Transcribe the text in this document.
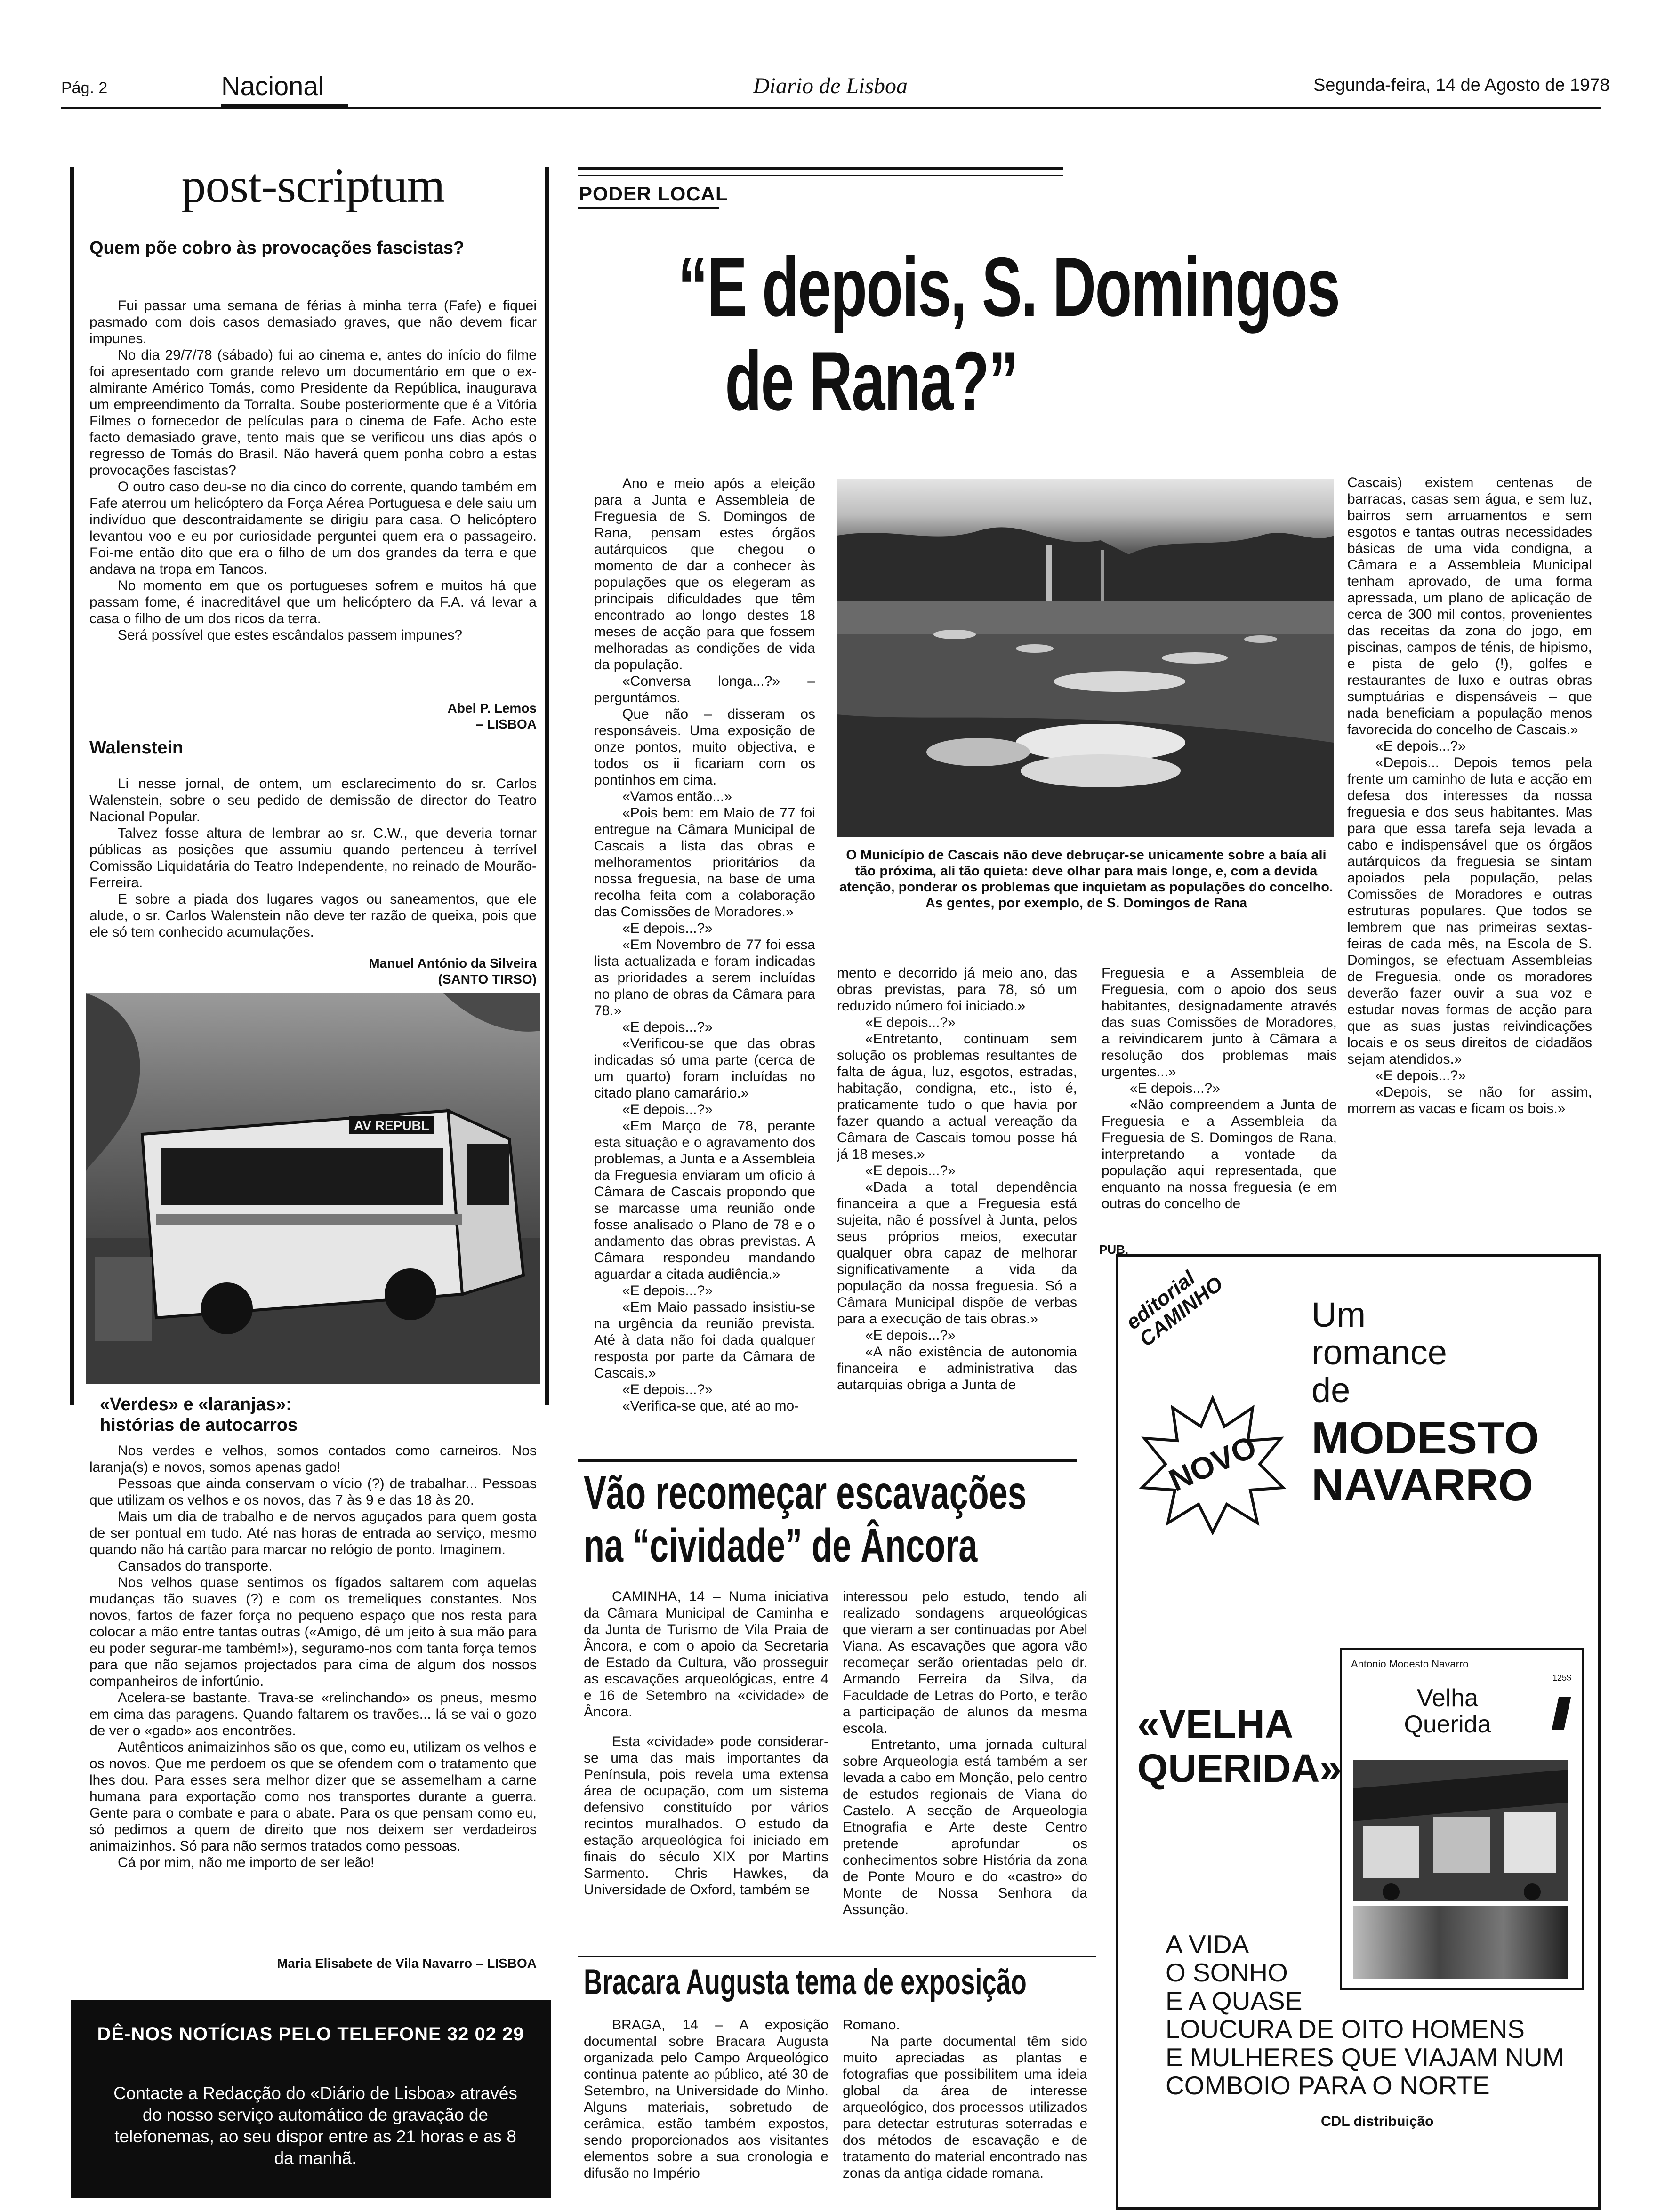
Pág. 2	Nacional	Diario de Lisboa	Segunda-feira, 14 de Agosto de 1978
post-scriptum
Quem põe cobro às provocações fascistas?

Fui passar uma semana de férias à minha terra (Fafe) e fiquei pasmado com dois casos demasiado graves, que não devem ficar impunes.

No dia 29/7/78 (sábado) fui ao cinema e, antes do início do filme foi apresentado com grande relevo um documentário em que o ex-almirante Américo Tomás, como Presidente da República, inaugurava um empreendimento da Torralta. Soube posteriormente que é a Vitória Filmes o fornecedor de películas para o cinema de Fafe. Acho este facto demasiado grave, tento mais que se verificou uns dias após o regresso de Tomás do Brasil. Não haverá quem ponha cobro a estas provocações fascistas?

O outro caso deu-se no dia cinco do corrente, quando também em Fafe aterrou um helicóptero da Força Aérea Portuguesa e dele saiu um indivíduo que descontraidamente se dirigiu para casa. O helicóptero levantou voo e eu por curiosidade perguntei quem era o passageiro. Foi-me então dito que era o filho de um dos grandes da terra e que andava na tropa em Tancos.

No momento em que os portugueses sofrem e muitos há que passam fome, é inacreditável que um helicóptero da F.A. vá levar a casa o filho de um dos ricos da terra.

Será possível que estes escândalos passem impunes?

Abel P. Lemos
– LISBOA
Walenstein

Li nesse jornal, de ontem, um esclarecimento do sr. Carlos Walenstein, sobre o seu pedido de demissão de director do Teatro Nacional Popular.

Talvez fosse altura de lembrar ao sr. C.W., que deveria tornar públicas as posições que assumiu quando pertenceu à terrível Comissão Liquidatária do Teatro Independente, no reinado de Mourão-Ferreira.

E sobre a piada dos lugares vagos ou saneamentos, que ele alude, o sr. Carlos Walenstein não deve ter razão de queixa, pois que ele só tem conhecido acumulações.

Manuel António da Silveira
(SANTO TIRSO)
AV REPUBL
«Verdes» e «laranjas»:
histórias de autocarros

Nos verdes e velhos, somos contados como carneiros. Nos laranja(s) e novos, somos apenas gado!

Pessoas que ainda conservam o vício (?) de trabalhar... Pessoas que utilizam os velhos e os novos, das 7 às 9 e das 18 às 20.

Mais um dia de trabalho e de nervos aguçados para quem gosta de ser pontual em tudo. Até nas horas de entrada ao serviço, mesmo quando não há cartão para marcar no relógio de ponto. Imaginem.

Cansados do transporte.

Nos velhos quase sentimos os fígados saltarem com aquelas mudanças tão suaves (?) e com os tremeliques constantes. Nos novos, fartos de fazer força no pequeno espaço que nos resta para colocar a mão entre tantas outras («Amigo, dê um jeito à sua mão para eu poder segurar-me também!»), seguramo-nos com tanta força temos para que não sejamos projectados para cima de algum dos nossos companheiros de infortúnio.

Acelera-se bastante. Trava-se «relinchando» os pneus, mesmo em cima das paragens. Quando faltarem os travões... lá se vai o gozo de ver o «gado» aos encontrões.

Autênticos animaizinhos são os que, como eu, utilizam os velhos e os novos. Que me perdoem os que se ofendem com o tratamento que lhes dou. Para esses sera melhor dizer que se assemelham a carne humana para exportação como nos transportes durante a guerra. Gente para o combate e para o abate. Para os que pensam como eu, só pedimos a quem de direito que nos deixem ser verdadeiros animaizinhos. Só para não sermos tratados como pessoas.

Cá por mim, não me importo de ser leão!

Maria Elisabete de Vila Navarro – LISBOA
DÊ-NOS NOTÍCIAS PELO TELEFONE 32 02 29
Contacte a Redacção do «Diário de Lisboa» através do nosso serviço automático de gravação de telefonemas, ao seu dispor entre as 21 horas e as 8 da manhã.
PODER LOCAL
“E depois, S. Domingos
de Rana?”

Ano e meio após a eleição para a Junta e Assembleia de Freguesia de S. Domingos de Rana, pensam estes órgãos autárquicos que chegou o momento de dar a conhecer às populações que os elegeram as principais dificuldades que têm encontrado ao longo destes 18 meses de acção para que fossem melhoradas as condições de vida da população.

«Conversa longa...?» – perguntámos.

Que não – disseram os responsáveis. Uma exposição de onze pontos, muito objectiva, e todos os ii ficariam com os pontinhos em cima.

«Vamos então...»

«Pois bem: em Maio de 77 foi entregue na Câmara Municipal de Cascais a lista das obras e melhoramentos prioritários da nossa freguesia, na base de uma recolha feita com a colaboração das Comissões de Moradores.»

«E depois...?»

«Em Novembro de 77 foi essa lista actualizada e foram indicadas as prioridades a serem incluídas no plano de obras da Câmara para 78.»

«E depois...?»

«Verificou-se que das obras indicadas só uma parte (cerca de um quarto) foram incluídas no citado plano camarário.»

«E depois...?»

«Em Março de 78, perante esta situação e o agravamento dos problemas, a Junta e a Assembleia da Freguesia enviaram um ofício à Câmara de Cascais propondo que se marcasse uma reunião onde fosse analisado o Plano de 78 e o andamento das obras previstas. A Câmara respondeu mandando aguardar a citada audiência.»

«E depois...?»

«Em Maio passado insistiu-se na urgência da reunião prevista. Até à data não foi dada qualquer resposta por parte da Câmara de Cascais.»

«E depois...?»

«Verifica-se que, até ao mo-

O Município de Cascais não deve debruçar-se unicamente sobre a baía ali tão próxima, ali tão quieta: deve olhar para mais longe, e, com a devida atenção, ponderar os problemas que inquietam as populações do concelho. As gentes, por exemplo, de S. Domingos de Rana

mento e decorrido já meio ano, das obras previstas, para 78, só um reduzido número foi iniciado.»

«E depois...?»

«Entretanto, continuam sem solução os problemas resultantes de falta de água, luz, esgotos, estradas, habitação, condigna, etc., isto é, praticamente tudo o que havia por fazer quando a actual vereação da Câmara de Cascais tomou posse há já 18 meses.»

«E depois...?»

«Dada a total dependência financeira a que a Freguesia está sujeita, não é possível à Junta, pelos seus próprios meios, executar qualquer obra capaz de melhorar significativamente a vida da população da nossa freguesia. Só a Câmara Municipal dispõe de verbas para a execução de tais obras.»

«E depois...?»

«A não existência de autonomia financeira e administrativa das autarquias obriga a Junta de

Freguesia e a Assembleia de Freguesia, com o apoio dos seus habitantes, designadamente através das suas Comissões de Moradores, a reivindicarem junto à Câmara a resolução dos problemas mais urgentes...»

«E depois...?»

«Não compreendem a Junta de Freguesia e a Assembleia da Freguesia de S. Domingos de Rana, interpretando a vontade da população aqui representada, que enquanto na nossa freguesia (e em outras do concelho de

Cascais) existem centenas de barracas, casas sem água, e sem luz, bairros sem arruamentos e sem esgotos e tantas outras necessidades básicas de uma vida condigna, a Câmara e a Assembleia Municipal tenham aprovado, de uma forma apressada, um plano de aplicação de cerca de 300 mil contos, provenientes das receitas da zona do jogo, em piscinas, campos de ténis, de hipismo, e pista de gelo (!), golfes e restaurantes de luxo e outras obras sumptuárias e dispensáveis – que nada beneficiam a população menos favorecida do concelho de Cascais.»

«E depois...?»

«Depois... Depois temos pela frente um caminho de luta e acção em defesa dos interesses da nossa freguesia e dos seus habitantes. Mas para que essa tarefa seja levada a cabo e indispensável que os órgãos autárquicos da freguesia se sintam apoiados pela população, pelas Comissões de Moradores e outras estruturas populares. Que todos se lembrem que nas primeiras sextas-feiras de cada mês, na Escola de S. Domingos, se efectuam Assembleias de Freguesia, onde os moradores deverão fazer ouvir a sua voz e estudar novas formas de acção para que as suas justas reivindicações locais e os seus direitos de cidadãos sejam atendidos.»

«E depois...?»

«Depois, se não for assim, morrem as vacas e ficam os bois.»

Vão recomeçar escavações
na “cividade” de Âncora

CAMINHA, 14 – Numa iniciativa da Câmara Municipal de Caminha e da Junta de Turismo de Vila Praia de Âncora, e com o apoio da Secretaria de Estado da Cultura, vão prosseguir as escavações arqueológicas, entre 4 e 16 de Setembro na «cividade» de Âncora.

Esta «cividade» pode considerar-se uma das mais importantes da Península, pois revela uma extensa área de ocupação, com um sistema defensivo constituído por vários recintos muralhados. O estudo da estação arqueológica foi iniciado em finais do século XIX por Martins Sarmento. Chris Hawkes, da Universidade de Oxford, também se

interessou pelo estudo, tendo ali realizado sondagens arqueológicas que vieram a ser continuadas por Abel Viana. As escavações que agora vão recomeçar serão orientadas pelo dr. Armando Ferreira da Silva, da Faculdade de Letras do Porto, e terão a participação de alunos da mesma escola.

Entretanto, uma jornada cultural sobre Arqueologia está também a ser levada a cabo em Monção, pelo centro de estudos regionais de Viana do Castelo. A secção de Arqueologia Etnografia e Arte deste Centro pretende aprofundar os conhecimentos sobre História da zona de Ponte Mouro e do «castro» do Monte de Nossa Senhora da Assunção.

Bracara Augusta tema de exposição

BRAGA, 14 – A exposição documental sobre Bracara Augusta organizada pelo Campo Arqueológico continua patente ao público, até 30 de Setembro, na Universidade do Minho. Alguns materiais, sobretudo de cerâmica, estão também expostos, sendo proporcionados aos visitantes elementos sobre a sua cronologia e difusão no Império

Romano.

Na parte documental têm sido muito apreciadas as plantas e fotografias que possibilitem uma ideia global da área de interesse arqueológico, dos processos utilizados para detectar estruturas soterradas e dos métodos de escavação e de tratamento do material encontrado nas zonas da antiga cidade romana.

PUB.
editorial CAMINHO Um
romance
de
MODESTO
NAVARRO
NOVO
Antonio Modesto Navarro
125$
Velha
Querida
«VELHA
QUERIDA»
A VIDA
O SONHO
E A QUASE
LOUCURA DE OITO HOMENS
E MULHERES QUE VIAJAM NUM
COMBOIO PARA O NORTE
CDL distribuição
